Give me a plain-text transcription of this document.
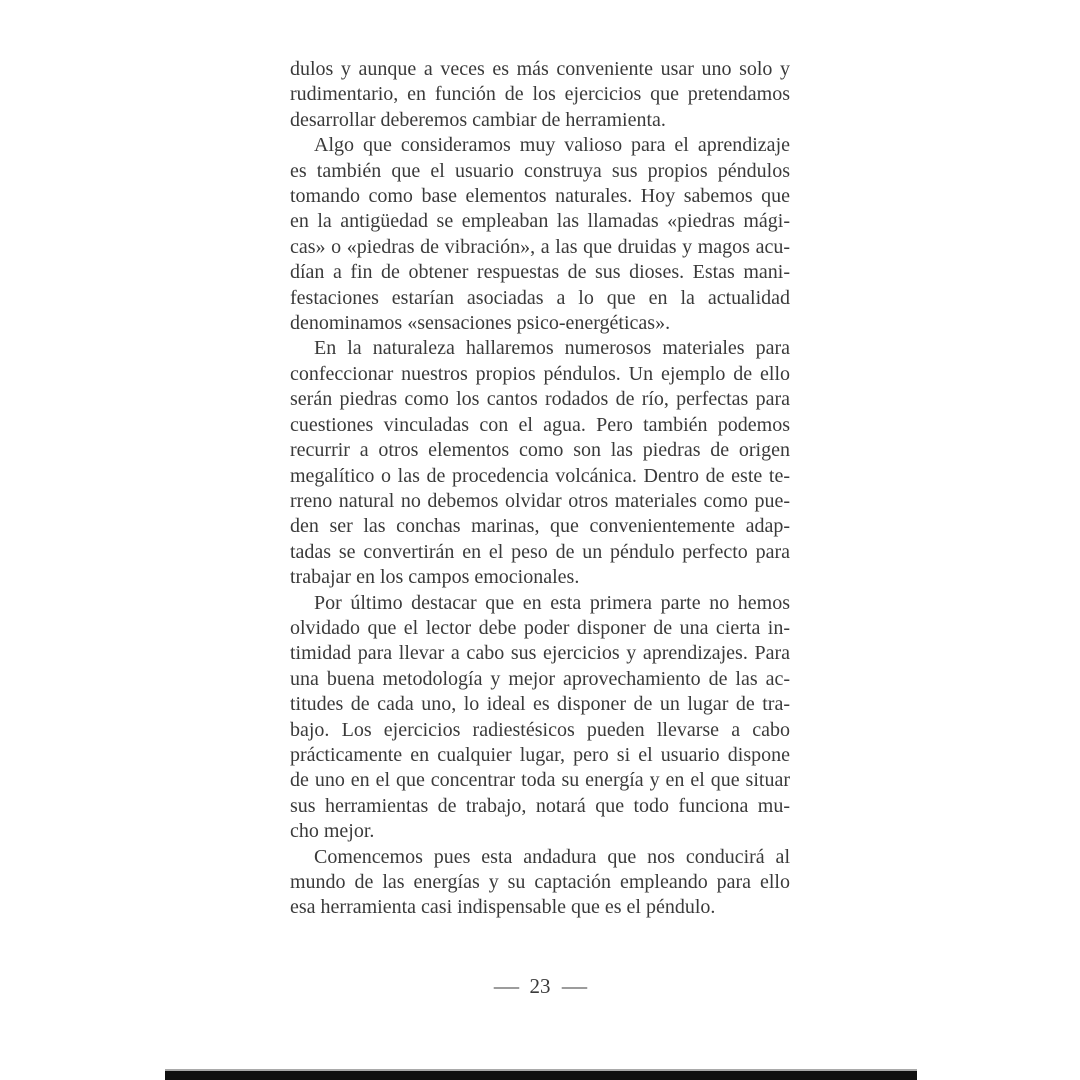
dulos y aunque a veces es más conveniente usar uno solo y
rudimentario, en función de los ejercicios que pretendamos
desarrollar deberemos cambiar de herramienta.
Algo que consideramos muy valioso para el aprendizaje
es también que el usuario construya sus propios péndulos
tomando como base elementos naturales. Hoy sabemos que
en la antigüedad se empleaban las llamadas «piedras mági-
cas» o «piedras de vibración», a las que druidas y magos acu-
dían a fin de obtener respuestas de sus dioses. Estas mani-
festaciones estarían asociadas a lo que en la actualidad
denominamos «sensaciones psico-energéticas».
En la naturaleza hallaremos numerosos materiales para
confeccionar nuestros propios péndulos. Un ejemplo de ello
serán piedras como los cantos rodados de río, perfectas para
cuestiones vinculadas con el agua. Pero también podemos
recurrir a otros elementos como son las piedras de origen
megalítico o las de procedencia volcánica. Dentro de este te-
rreno natural no debemos olvidar otros materiales como pue-
den ser las conchas marinas, que convenientemente adap-
tadas se convertirán en el peso de un péndulo perfecto para
trabajar en los campos emocionales.
Por último destacar que en esta primera parte no hemos
olvidado que el lector debe poder disponer de una cierta in-
timidad para llevar a cabo sus ejercicios y aprendizajes. Para
una buena metodología y mejor aprovechamiento de las ac-
titudes de cada uno, lo ideal es disponer de un lugar de tra-
bajo. Los ejercicios radiestésicos pueden llevarse a cabo
prácticamente en cualquier lugar, pero si el usuario dispone
de uno en el que concentrar toda su energía y en el que situar
sus herramientas de trabajo, notará que todo funciona mu-
cho mejor.
Comencemos pues esta andadura que nos conducirá al
mundo de las energías y su captación empleando para ello
esa herramienta casi indispensable que es el péndulo.
— 23 —
